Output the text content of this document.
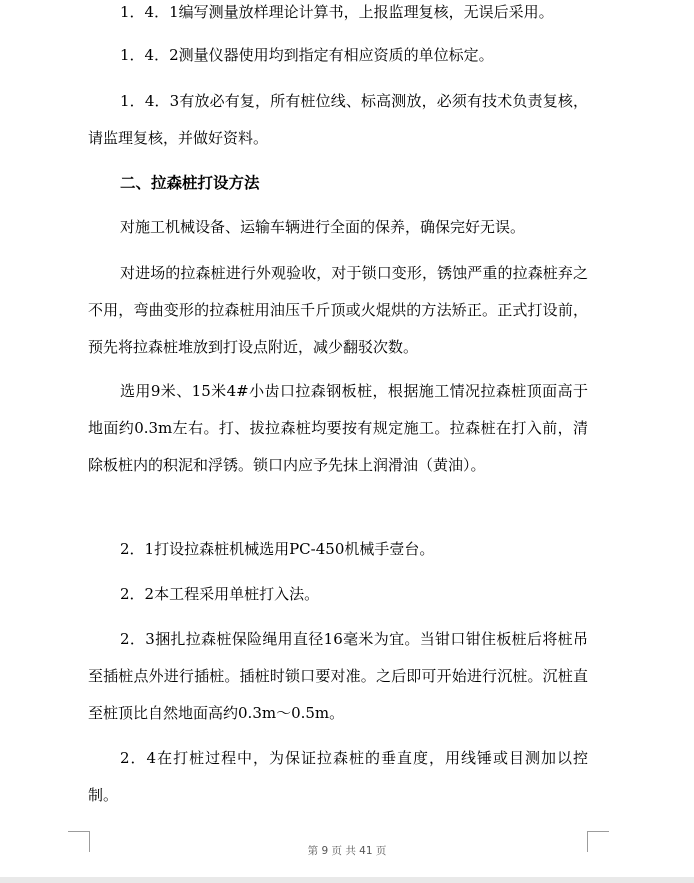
1．4．1编写测量放样理论计算书，上报监理复核，无误后采用。

1．4．2测量仪器使用均到指定有相应资质的单位标定。

1．4．3有放必有复，所有桩位线、标高测放，必须有技术负责复核，请监理复核，并做好资料。

二、拉森桩打设方法

对施工机械设备、运输车辆进行全面的保养，确保完好无误。

对进场的拉森桩进行外观验收，对于锁口变形，锈蚀严重的拉森桩弃之不用，弯曲变形的拉森桩用油压千斤顶或火焜烘的方法矫正。正式打设前，预先将拉森桩堆放到打设点附近，减少翻驳次数。

选用9米、15米4#小齿口拉森钢板桩，根据施工情况拉森桩顶面高于地面约0.3m左右。打、拔拉森桩均要按有规定施工。拉森桩在打入前，清除板桩内的积泥和浮锈。锁口内应予先抹上润滑油（黄油）。

2．1打设拉森桩机械选用PC-450机械手壹台。

2．2本工程采用单桩打入法。

2．3捆扎拉森桩保险绳用直径16毫米为宜。当钳口钳住板桩后将桩吊至插桩点外进行插桩。插桩时锁口要对准。之后即可开始进行沉桩。沉桩直至桩顶比自然地面高约0.3m～0.5m。

2．4在打桩过程中，为保证拉森桩的垂直度，用线锤或目测加以控制。

第 9 页 共 41 页
